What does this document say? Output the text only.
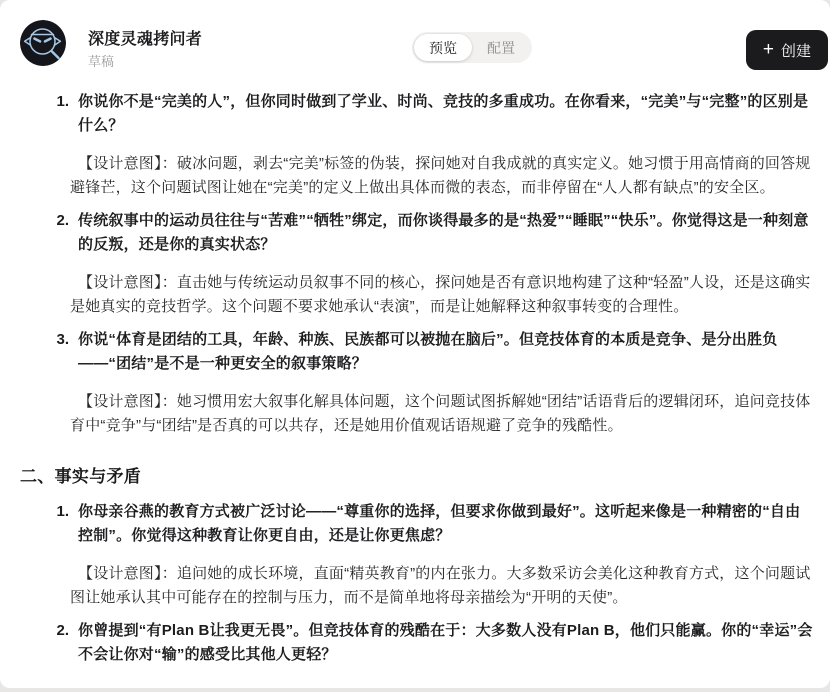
深度灵魂拷问者
草稿
预览	配置	+ 创建
1. 你说你不是“完美的人”，但你同时做到了学业、时尚、竞技的多重成功。在你看来，“完美”与“完整”的区别是什么？

【设计意图】：破冰问题，剥去“完美”标签的伪装，探问她对自我成就的真实定义。她习惯于用高情商的回答规避锋芒，这个问题试图让她在“完美”的定义上做出具体而微的表态，而非停留在“人人都有缺点”的安全区。

2. 传统叙事中的运动员往往与“苦难”“牺牲”绑定，而你谈得最多的是“热爱”“睡眠”“快乐”。你觉得这是一种刻意的反叛，还是你的真实状态？

【设计意图】：直击她与传统运动员叙事不同的核心，探问她是否有意识地构建了这种“轻盈”人设，还是这确实是她真实的竞技哲学。这个问题不要求她承认“表演”，而是让她解释这种叙事转变的合理性。

3. 你说“体育是团结的工具，年龄、种族、民族都可以被抛在脑后”。但竞技体育的本质是竞争、是分出胜负——“团结”是不是一种更安全的叙事策略？

【设计意图】：她习惯用宏大叙事化解具体问题，这个问题试图拆解她“团结”话语背后的逻辑闭环，追问竞技体育中“竞争”与“团结”是否真的可以共存，还是她用价值观话语规避了竞争的残酷性。

二、事实与矛盾
1. 你母亲谷燕的教育方式被广泛讨论——“尊重你的选择，但要求你做到最好”。这听起来像是一种精密的“自由控制”。你觉得这种教育让你更自由，还是让你更焦虑？

【设计意图】：追问她的成长环境，直面“精英教育”的内在张力。大多数采访会美化这种教育方式，这个问题试图让她承认其中可能存在的控制与压力，而不是简单地将母亲描绘为“开明的天使”。

2. 你曾提到“有Plan B让我更无畏”。但竞技体育的残酷在于：大多数人没有Plan B，他们只能赢。你的“幸运”会不会让你对“输”的感受比其他人更轻？
